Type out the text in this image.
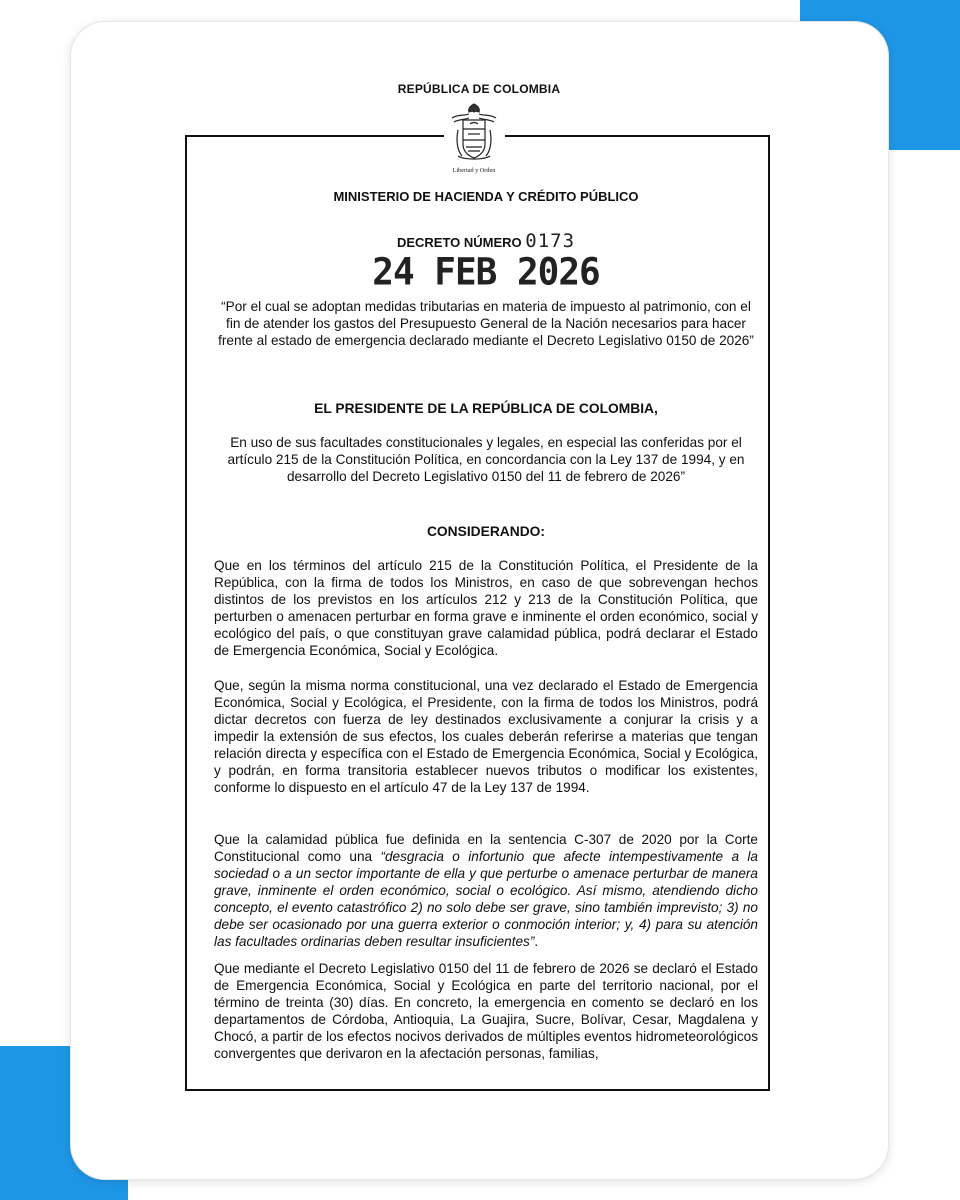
REPÚBLICA DE COLOMBIA
Libertad y Orden
MINISTERIO DE HACIENDA Y CRÉDITO PÚBLICO
DECRETO NÚMERO 0173
24 FEB 2026
“Por el cual se adoptan medidas tributarias en materia de impuesto al patrimonio, con el fin de atender los gastos del Presupuesto General de la Nación necesarios para hacer frente al estado de emergencia declarado mediante el Decreto Legislativo 0150 de 2026”
EL PRESIDENTE DE LA REPÚBLICA DE COLOMBIA,
En uso de sus facultades constitucionales y legales, en especial las conferidas por el artículo 215 de la Constitución Política, en concordancia con la Ley 137 de 1994, y en desarrollo del Decreto Legislativo 0150 del 11 de febrero de 2026”
CONSIDERANDO:
Que en los términos del artículo 215 de la Constitución Política, el Presidente de la República, con la firma de todos los Ministros, en caso de que sobrevengan hechos distintos de los previstos en los artículos 212 y 213 de la Constitución Política, que perturben o amenacen perturbar en forma grave e inminente el orden económico, social y ecológico del país, o que constituyan grave calamidad pública, podrá declarar el Estado de Emergencia Económica, Social y Ecológica.
Que, según la misma norma constitucional, una vez declarado el Estado de Emergencia Económica, Social y Ecológica, el Presidente, con la firma de todos los Ministros, podrá dictar decretos con fuerza de ley destinados exclusivamente a conjurar la crisis y a impedir la extensión de sus efectos, los cuales deberán referirse a materias que tengan relación directa y específica con el Estado de Emergencia Económica, Social y Ecológica, y podrán, en forma transitoria establecer nuevos tributos o modificar los existentes, conforme lo dispuesto en el artículo 47 de la Ley 137 de 1994.
Que la calamidad pública fue definida en la sentencia C-307 de 2020 por la Corte Constitucional como una “desgracia o infortunio que afecte intempestivamente a la sociedad o a un sector importante de ella y que perturbe o amenace perturbar de manera grave, inminente el orden económico, social o ecológico. Así mismo, atendiendo dicho concepto, el evento catastrófico 2) no solo debe ser grave, sino también imprevisto; 3) no debe ser ocasionado por una guerra exterior o conmoción interior; y, 4) para su atención las facultades ordinarias deben resultar insuficientes”.
Que mediante el Decreto Legislativo 0150 del 11 de febrero de 2026 se declaró el Estado de Emergencia Económica, Social y Ecológica en parte del territorio nacional, por el término de treinta (30) días. En concreto, la emergencia en comento se declaró en los departamentos de Córdoba, Antioquia, La Guajira, Sucre, Bolívar, Cesar, Magdalena y Chocó, a partir de los efectos nocivos derivados de múltiples eventos hidrometeorológicos convergentes que derivaron en la afectación personas, familias,
